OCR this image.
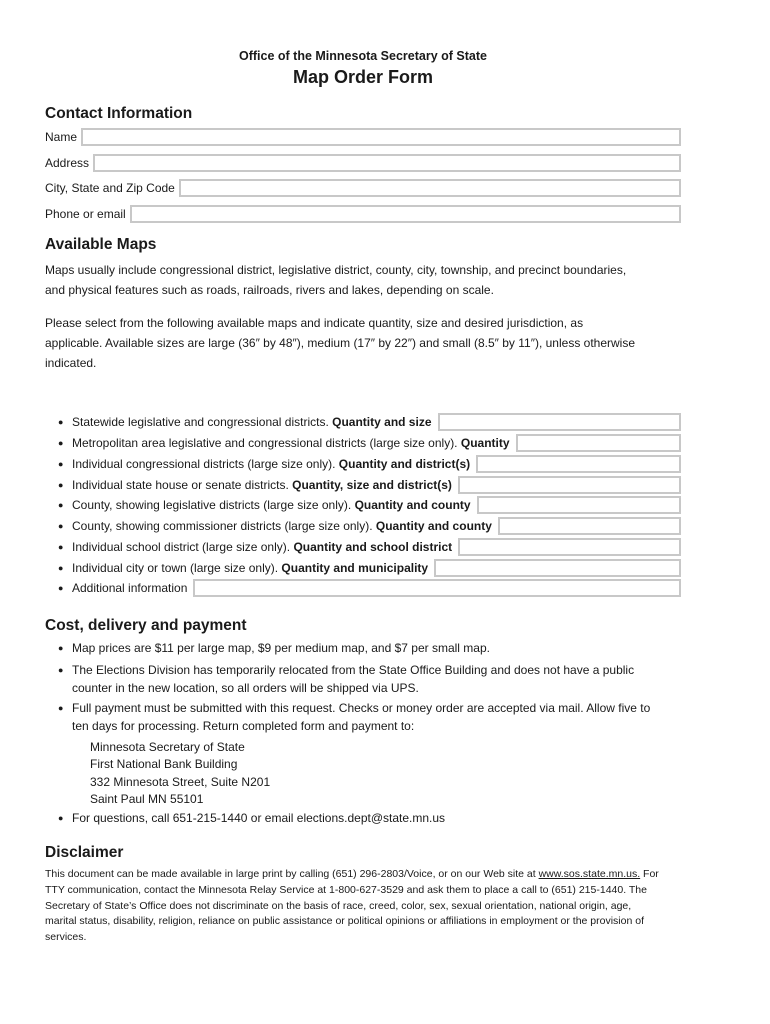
Office of the Minnesota Secretary of State
Map Order Form
Contact Information
Name
Address
City, State and Zip Code
Phone or email
Available Maps
Maps usually include congressional district, legislative district, county, city, township, and precinct boundaries,
and physical features such as roads, railroads, rivers and lakes, depending on scale.
Please select from the following available maps and indicate quantity, size and desired jurisdiction, as
applicable. Available sizes are large (36″ by 48″), medium (17″ by 22″) and small (8.5″ by 11″), unless otherwise
indicated.
● Statewide legislative and congressional districts. Quantity and size
● Metropolitan area legislative and congressional districts (large size only). Quantity
● Individual congressional districts (large size only). Quantity and district(s)
● Individual state house or senate districts. Quantity, size and district(s)
● County, showing legislative districts (large size only). Quantity and county
● County, showing commissioner districts (large size only). Quantity and county
● Individual school district (large size only). Quantity and school district
● Individual city or town (large size only). Quantity and municipality
● Additional information
Cost, delivery and payment
● Map prices are $11 per large map, $9 per medium map, and $7 per small map.
● The Elections Division has temporarily relocated from the State Office Building and does not have a public
counter in the new location, so all orders will be shipped via UPS.
● Full payment must be submitted with this request. Checks or money order are accepted via mail. Allow five to
ten days for processing. Return completed form and payment to:
Minnesota Secretary of State
First National Bank Building
332 Minnesota Street, Suite N201
Saint Paul MN 55101
● For questions, call 651-215-1440 or email elections.dept@state.mn.us
Disclaimer
This document can be made available in large print by calling (651) 296-2803/Voice, or on our Web site at www.sos.state.mn.us. For
TTY communication, contact the Minnesota Relay Service at 1-800-627-3529 and ask them to place a call to (651) 215-1440. The
Secretary of State’s Office does not discriminate on the basis of race, creed, color, sex, sexual orientation, national origin, age,
marital status, disability, religion, reliance on public assistance or political opinions or affiliations in employment or the provision of
services.
